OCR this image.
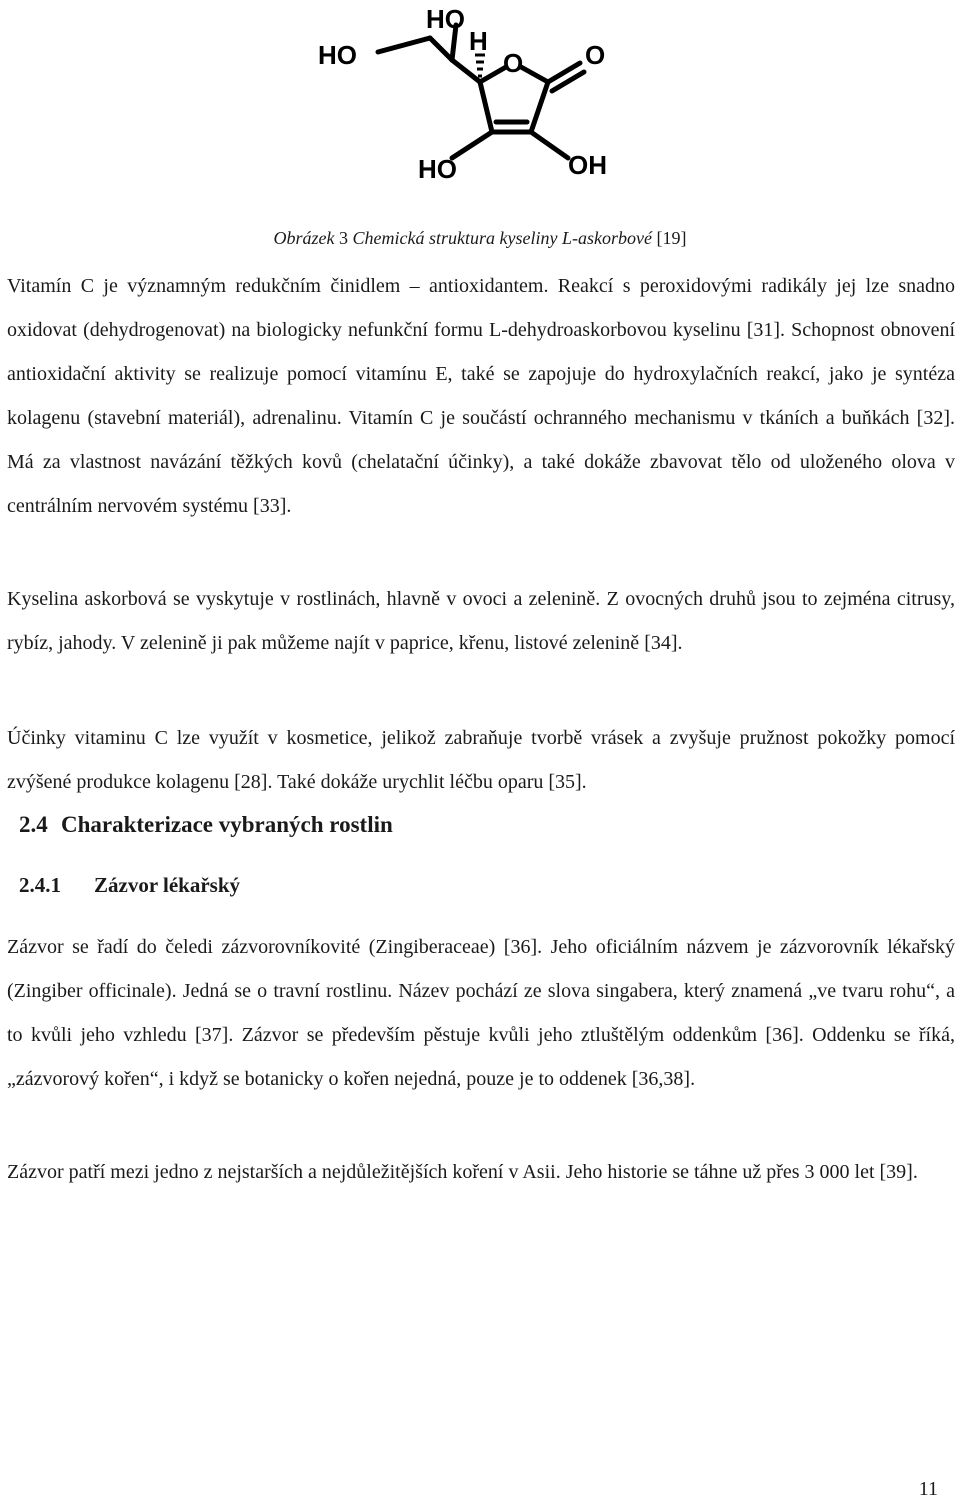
HO
H
HO	O O
HO	OH
Obrázek 3 Chemická struktura kyseliny L-askorbové [19]

Vitamín C je významným redukčním činidlem – antioxidantem. Reakcí s peroxidovými radikály jej lze snadno oxidovat (dehydrogenovat) na biologicky nefunkční formu L-dehydroaskorbovou kyselinu [31]. Schopnost obnovení antioxidační aktivity se realizuje pomocí vitamínu E, také se zapojuje do hydroxylačních reakcí, jako je syntéza kolagenu (stavební materiál), adrenalinu. Vitamín C je součástí ochranného mechanismu v tkáních a buňkách [32]. Má za vlastnost navázání těžkých kovů (chelatační účinky), a také dokáže zbavovat tělo od uloženého olova v centrálním nervovém systému [33].

Kyselina askorbová se vyskytuje v rostlinách, hlavně v ovoci a zelenině. Z ovocných druhů jsou to zejména citrusy, rybíz, jahody. V zelenině ji pak můžeme najít v paprice, křenu, listové zelenině [34].

Účinky vitaminu C lze využít v kosmetice, jelikož zabraňuje tvorbě vrásek a zvyšuje pružnost pokožky pomocí zvýšené produkce kolagenu [28]. Také dokáže urychlit léčbu oparu [35].

2.4 Charakterizace vybraných rostlin
2.4.1 Zázvor lékařský

Zázvor se řadí do čeledi zázvorovníkovité (Zingiberaceae) [36]. Jeho oficiálním názvem je zázvorovník lékařský (Zingiber officinale). Jedná se o travní rostlinu. Název pochází ze slova singabera, který znamená „ve tvaru rohu“, a to kvůli jeho vzhledu [37]. Zázvor se především pěstuje kvůli jeho ztluštělým oddenkům [36]. Oddenku se říká, „zázvorový kořen“, i když se botanicky o kořen nejedná, pouze je to oddenek [36,38].

Zázvor patří mezi jedno z nejstarších a nejdůležitějších koření v Asii. Jeho historie se táhne už přes 3 000 let [39].

11
